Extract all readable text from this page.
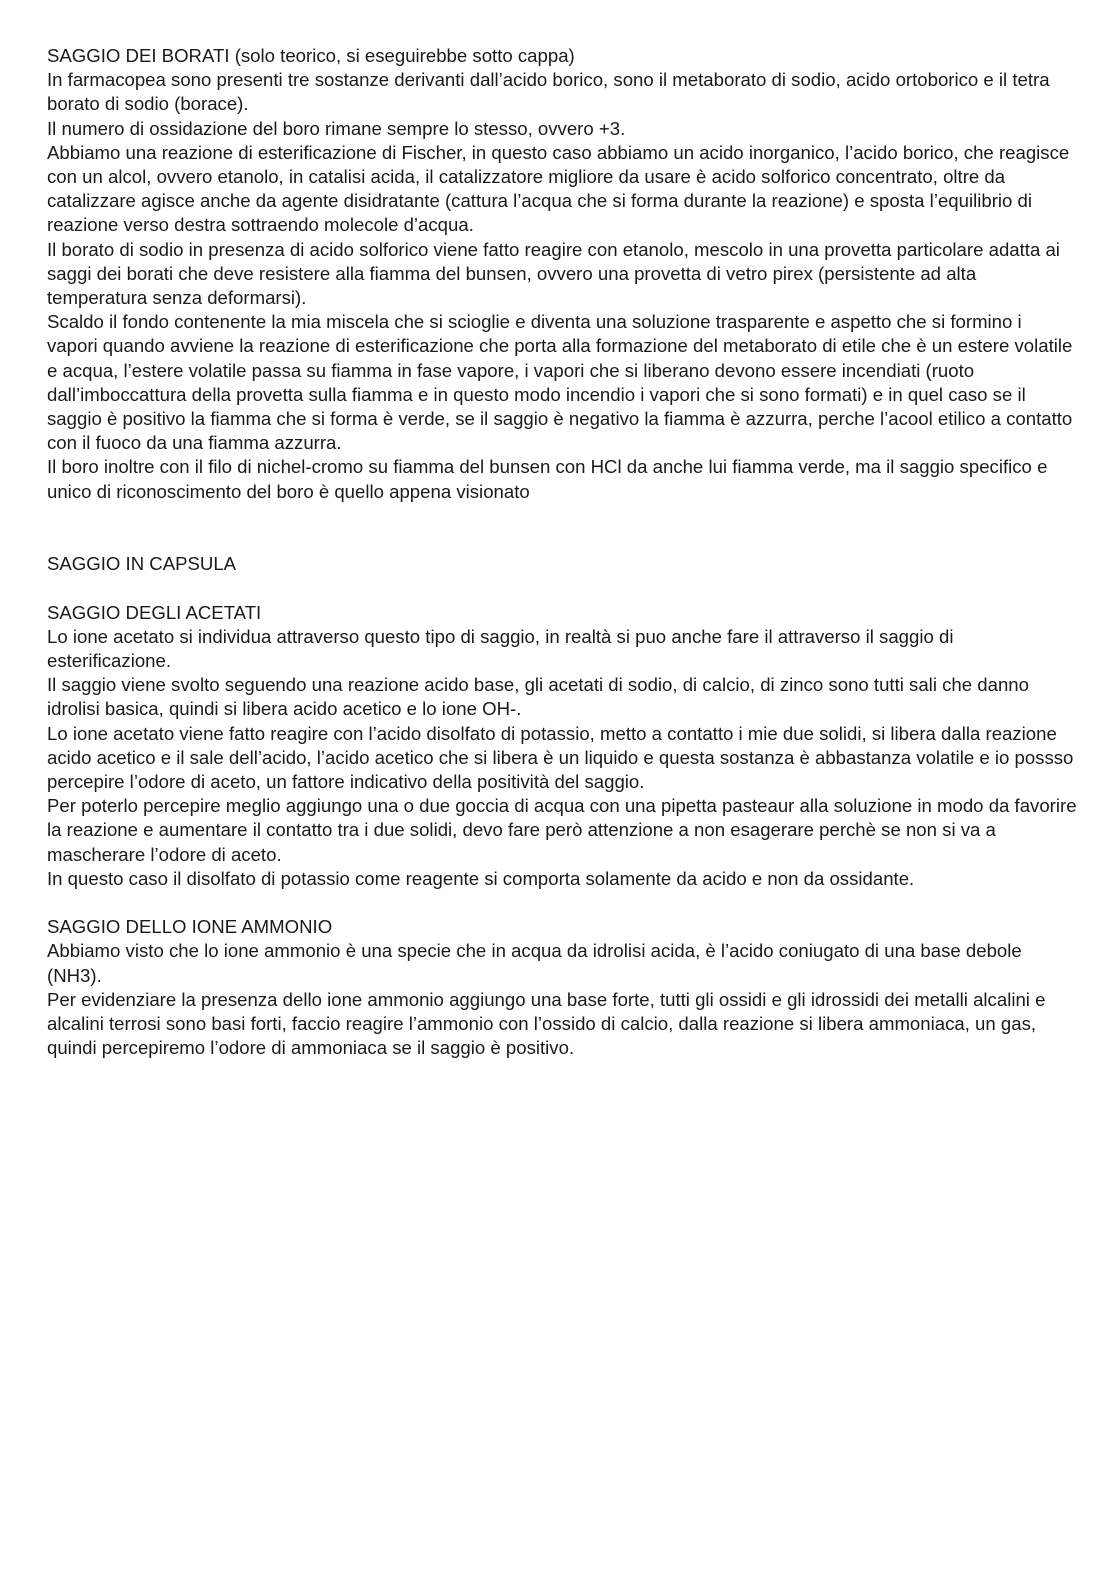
SAGGIO DEI BORATI (solo teorico, si eseguirebbe sotto cappa)

In farmacopea sono presenti tre sostanze derivanti dall’acido borico, sono il metaborato di sodio, acido ortoborico e il tetra borato di sodio (borace).

Il numero di ossidazione del boro rimane sempre lo stesso, ovvero +3.

Abbiamo una reazione di esterificazione di Fischer, in questo caso abbiamo un acido inorganico, l’acido borico, che reagisce con un alcol, ovvero etanolo, in catalisi acida, il catalizzatore migliore da usare è acido solforico concentrato, oltre da catalizzare agisce anche da agente disidratante (cattura l’acqua che si forma durante la reazione) e sposta l’equilibrio di reazione verso destra sottraendo molecole d’acqua.

Il borato di sodio in presenza di acido solforico viene fatto reagire con etanolo, mescolo in una provetta particolare adatta ai saggi dei borati che deve resistere alla fiamma del bunsen, ovvero una provetta di vetro pirex (persistente ad alta temperatura senza deformarsi).

Scaldo il fondo contenente la mia miscela che si scioglie e diventa una soluzione trasparente e aspetto che si formino i vapori quando avviene la reazione di esterificazione che porta alla formazione del metaborato di etile che è un estere volatile e acqua, l’estere volatile passa su fiamma in fase vapore, i vapori che si liberano devono essere incendiati (ruoto dall’imboccattura della provetta sulla fiamma e in questo modo incendio i vapori che si sono formati) e in quel caso se il saggio è positivo la fiamma che si forma è verde, se il saggio è negativo la fiamma è azzurra, perche l’acool etilico a contatto con il fuoco da una fiamma azzurra.

Il boro inoltre con il filo di nichel-cromo su fiamma del bunsen con HCl da anche lui fiamma verde, ma il saggio specifico e unico di riconoscimento del boro è quello appena visionato

SAGGIO IN CAPSULA

SAGGIO DEGLI ACETATI

Lo ione acetato si individua attraverso questo tipo di saggio, in realtà si puo anche fare il attraverso il saggio di esterificazione.

Il saggio viene svolto seguendo una reazione acido base, gli acetati di sodio, di calcio, di zinco sono tutti sali che danno idrolisi basica, quindi si libera acido acetico e lo ione OH-.

Lo ione acetato viene fatto reagire con l’acido disolfato di potassio, metto a contatto i mie due solidi, si libera dalla reazione acido acetico e il sale dell’acido, l’acido acetico che si libera è un liquido e questa sostanza è abbastanza volatile e io possso percepire l’odore di aceto, un fattore indicativo della positività del saggio.

Per poterlo percepire meglio aggiungo una o due goccia di acqua con una pipetta pasteaur alla soluzione in modo da favorire la reazione e aumentare il contatto tra i due solidi, devo fare però attenzione a non esagerare perchè se non si va a mascherare l’odore di aceto.

In questo caso il disolfato di potassio come reagente si comporta solamente da acido e non da ossidante.

SAGGIO DELLO IONE AMMONIO

Abbiamo visto che lo ione ammonio è una specie che in acqua da idrolisi acida, è l’acido coniugato di una base debole (NH3).

Per evidenziare la presenza dello ione ammonio aggiungo una base forte, tutti gli ossidi e gli idrossidi dei metalli alcalini e alcalini terrosi sono basi forti, faccio reagire l’ammonio con l’ossido di calcio, dalla reazione si libera ammoniaca, un gas, quindi percepiremo l’odore di ammoniaca se il saggio è positivo.
